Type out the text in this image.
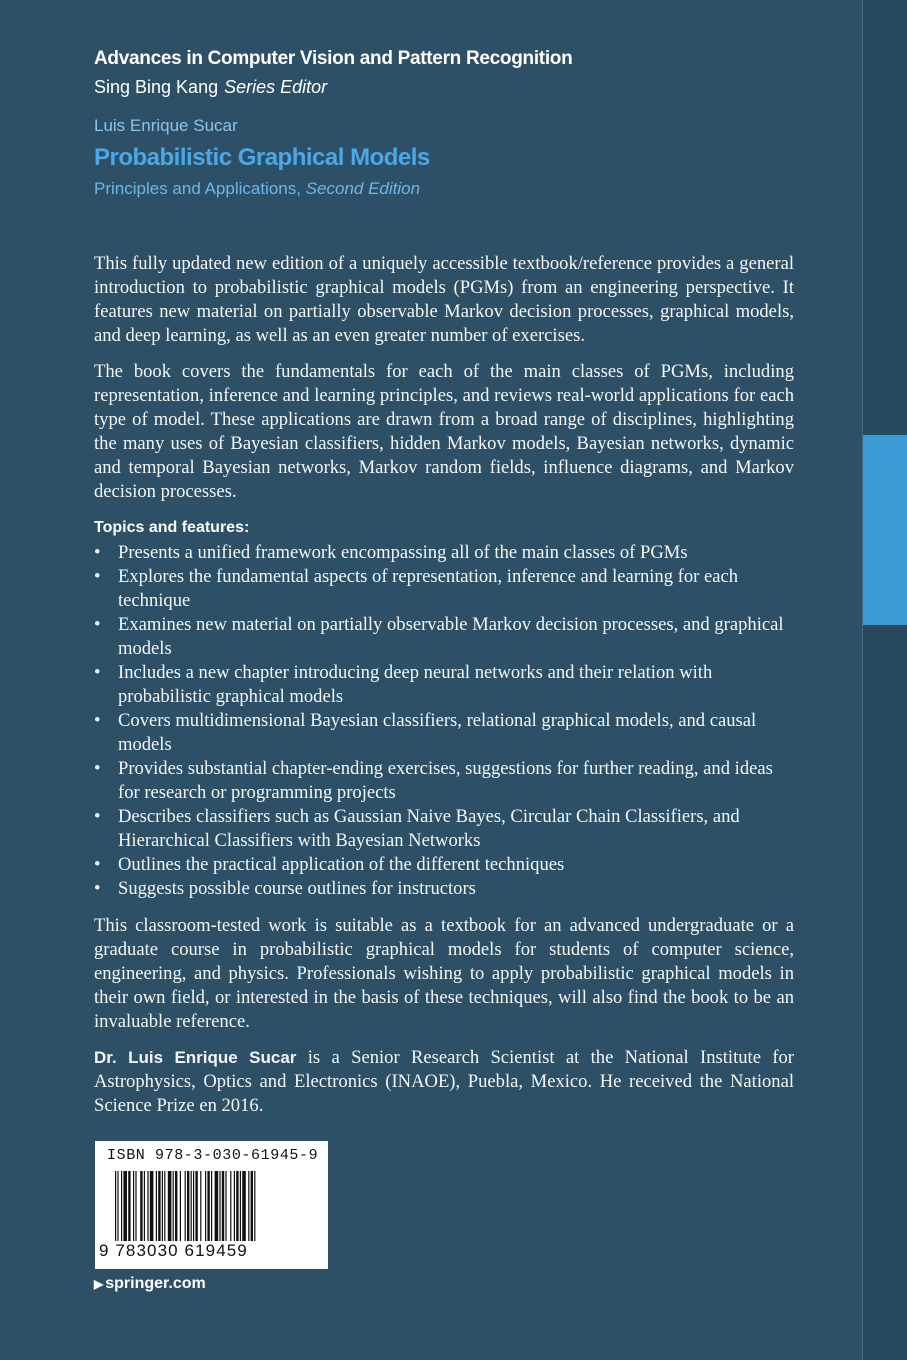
Advances in Computer Vision and Pattern Recognition
Sing Bing Kang Series Editor
Luis Enrique Sucar
Probabilistic Graphical Models
Principles and Applications, Second Edition
This fully updated new edition of a uniquely accessible textbook/reference provides a general introduction to probabilistic graphical models (PGMs) from an engineering perspective. It features new material on partially observable Markov decision processes, graphical models, and deep learning, as well as an even greater number of exercises.
The book covers the fundamentals for each of the main classes of PGMs, including representation, inference and learning principles, and reviews real-world applications for each type of model. These applications are drawn from a broad range of disciplines, highlighting the many uses of Bayesian classifiers, hidden Markov models, Bayesian networks, dynamic and temporal Bayesian networks, Markov random fields, influence diagrams, and Markov decision processes.
Topics and features:
• Presents a unified framework encompassing all of the main classes of PGMs
• Explores the fundamental aspects of representation, inference and learning for each technique
• Examines new material on partially observable Markov decision processes, and graphical models
• Includes a new chapter introducing deep neural networks and their relation with probabilistic graphical models
• Covers multidimensional Bayesian classifiers, relational graphical models, and causal models
• Provides substantial chapter-ending exercises, suggestions for further reading, and ideas for research or programming projects
• Describes classifiers such as Gaussian Naive Bayes, Circular Chain Classifiers, and Hierarchical Classifiers with Bayesian Networks
• Outlines the practical application of the different techniques
• Suggests possible course outlines for instructors
This classroom-tested work is suitable as a textbook for an advanced undergraduate or a graduate course in probabilistic graphical models for students of computer science, engineering, and physics. Professionals wishing to apply probabilistic graphical models in their own field, or interested in the basis of these techniques, will also find the book to be an invaluable reference.
Dr. Luis Enrique Sucar is a Senior Research Scientist at the National Institute for Astrophysics, Optics and Electronics (INAOE), Puebla, Mexico. He received the National Science Prize en 2016.
ISBN 978-3-030-61945-9
9 783030 619459
▶ springer.com
